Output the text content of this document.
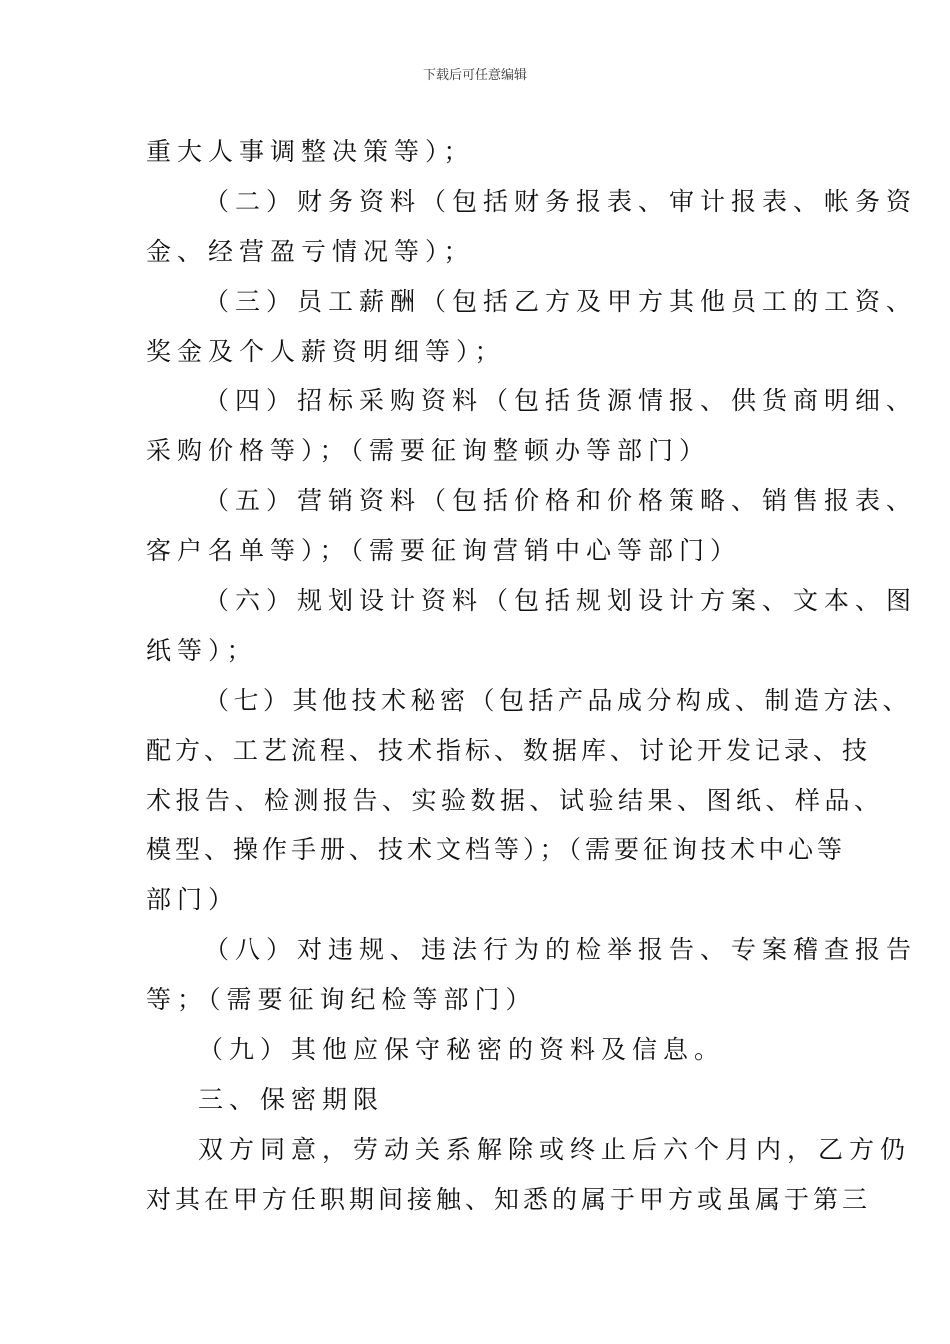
下载后可任意编辑
重大人事调整决策等）；
（二）财务资料（包括财务报表、审计报表、帐务资
金、经营盈亏情况等）；
（三）员工薪酬（包括乙方及甲方其他员工的工资、
奖金及个人薪资明细等）；
（四）招标采购资料（包括货源情报、供货商明细、
采购价格等）；（需要征询整顿办等部门）
（五）营销资料（包括价格和价格策略、销售报表、
客户名单等）；（需要征询营销中心等部门）
（六）规划设计资料（包括规划设计方案、文本、图
纸等）；
（七）其他技术秘密（包括产品成分构成、制造方法、
配方、工艺流程、技术指标、数据库、讨论开发记录、技
术报告、检测报告、实验数据、试验结果、图纸、样品、
模型、操作手册、技术文档等）；（需要征询技术中心等
部门）
（八）对违规、违法行为的检举报告、专案稽查报告
等；（需要征询纪检等部门）
（九）其他应保守秘密的资料及信息。
三、保密期限
双方同意，劳动关系解除或终止后六个月内，乙方仍
对其在甲方任职期间接触、知悉的属于甲方或虽属于第三
